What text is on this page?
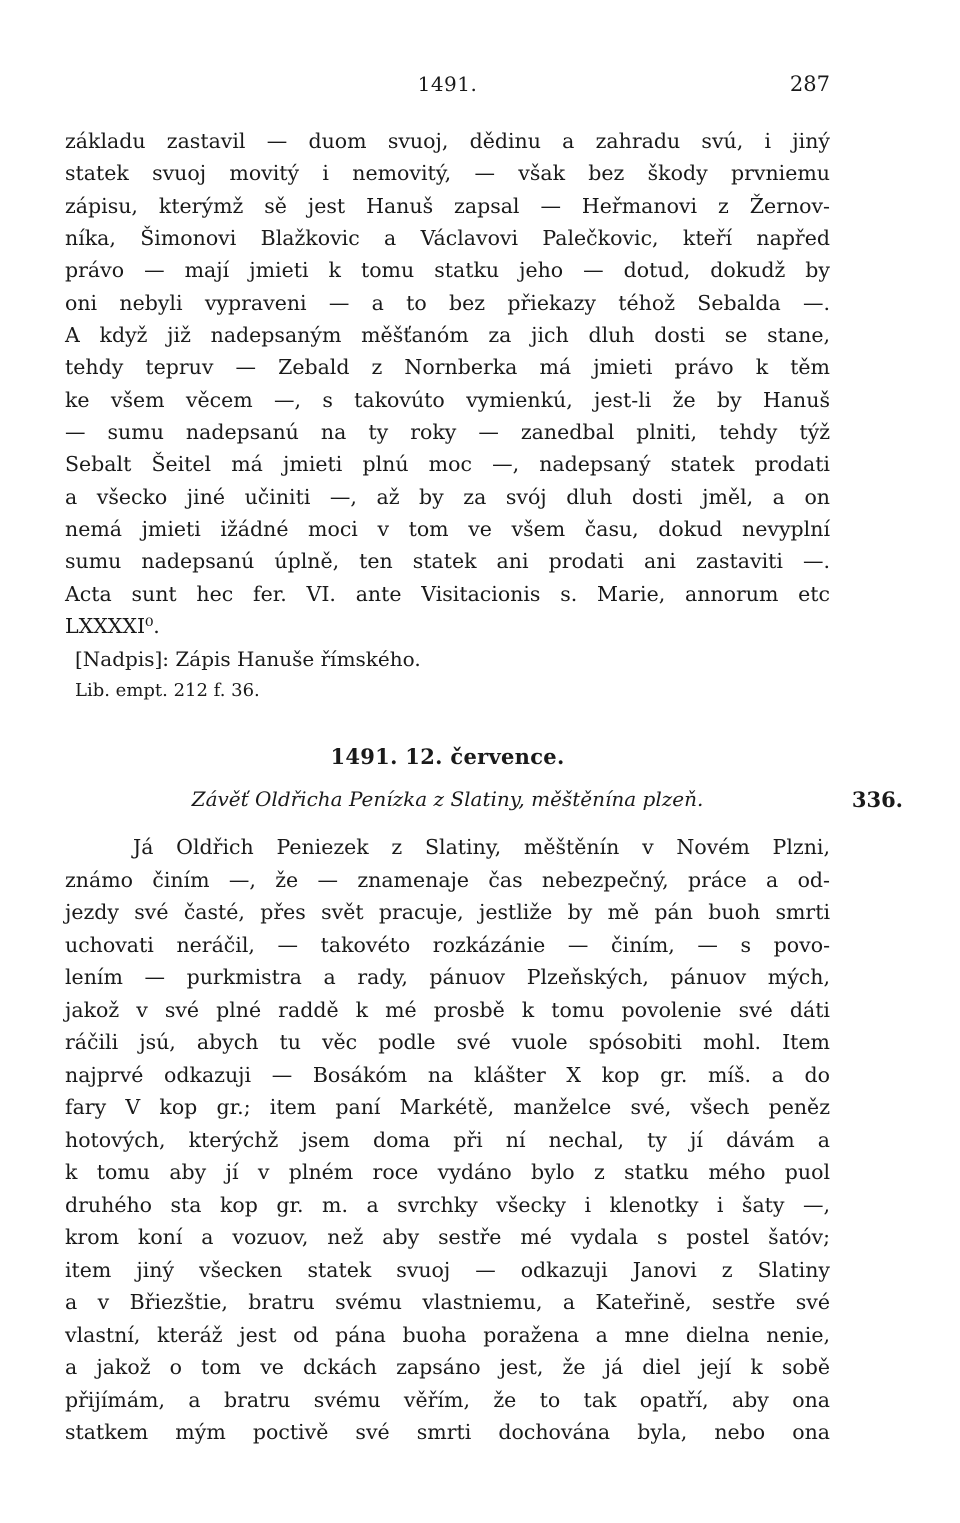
1491.	287
základu zastavil — duom svuoj, dědinu a zahradu svú, i jiný
statek svuoj movitý i nemovitý, — však bez škody prvniemu
zápisu, kterýmž sě jest Hanuš zapsal — Heřmanovi z Žernov-
níka, Šimonovi Blažkovic a Václavovi Palečkovic, kteří napřed
právo — mají jmieti k tomu statku jeho — dotud, dokudž by
oni nebyli vypraveni — a to bez přiekazy téhož Sebalda —.
A když již nadepsaným měšťanóm za jich dluh dosti se stane,
tehdy tepruv — Zebald z Nornberka má jmieti právo k těm
ke všem věcem —, s takovúto vymienkú, jest-li že by Hanuš
— sumu nadepsanú na ty roky — zanedbal plniti, tehdy týž
Sebalt Šeitel má jmieti plnú moc —, nadepsaný statek prodati
a všecko jiné učiniti —, až by za svój dluh dosti jměl, a on
nemá jmieti ižádné moci v tom ve všem času, dokud nevyplní
sumu nadepsanú úplně, ten statek ani prodati ani zastaviti —.
Acta sunt hec fer. VI. ante Visitacionis s. Marie, annorum etc
LXXXXI⁰.
[Nadpis]: Zápis Hanuše římského.
Lib. empt. 212 f. 36.
1491. 12. července.
Závěť Oldřicha Penízka z Slatiny, měštěnína plzeň.	336.
Já Oldřich Peniezek z Slatiny, měštěnín v Novém Plzni,
známo činím —, že — znamenaje čas nebezpečný, práce a od-
jezdy své časté, přes svět pracuje, jestliže by mě pán buoh smrti
uchovati neráčil, — takovéto rozkázánie — činím, — s povo-
lením — purkmistra a rady, pánuov Plzeňských, pánuov mých,
jakož v své plné raddě k mé prosbě k tomu povolenie své dáti
ráčili jsú, abych tu věc podle své vuole spósobiti mohl. Item
najprvé odkazuji — Bosákóm na klášter X kop gr. míš. a do
fary V kop gr.; item paní Markétě, manželce své, všech peněz
hotových, kterýchž jsem doma při ní nechal, ty jí dávám a
k tomu aby jí v plném roce vydáno bylo z statku mého puol
druhého sta kop gr. m. a svrchky všecky i klenotky i šaty —,
krom koní a vozuov, než aby sestře mé vydala s postel šatóv;
item jiný všecken statek svuoj — odkazuji Janovi z Slatiny
a v Břiezštie, bratru svému vlastniemu, a Kateřině, sestře své
vlastní, kteráž jest od pána buoha poražena a mne dielna nenie,
a jakož o tom ve dckách zapsáno jest, že já diel její k sobě
přijímám, a bratru svému věřím, že to tak opatří, aby ona
statkem mým poctivě své smrti dochována byla, nebo ona
